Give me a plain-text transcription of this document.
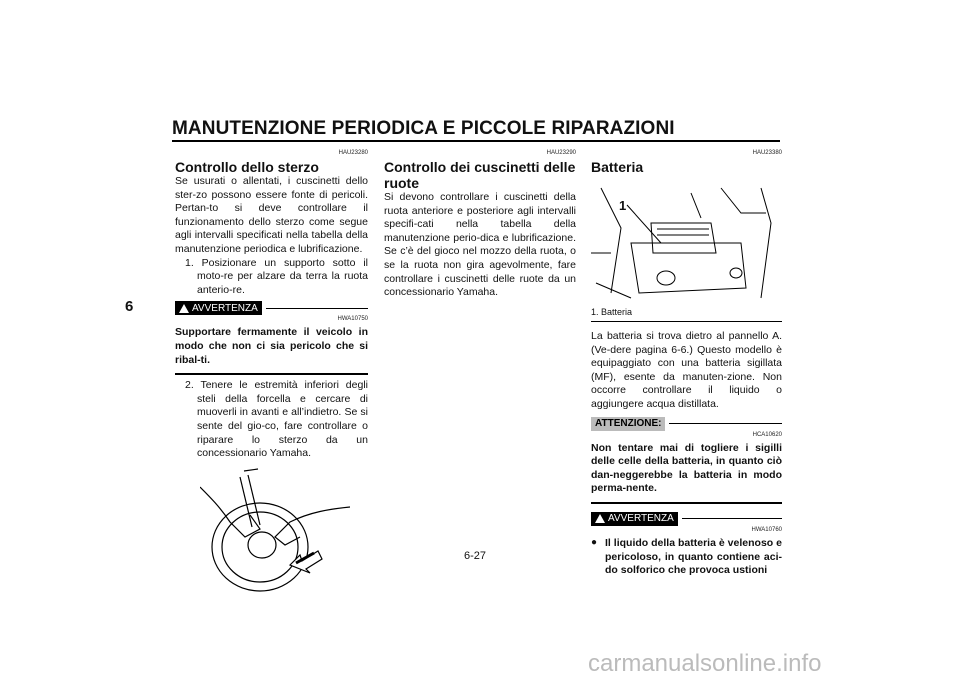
MANUTENZIONE PERIODICA E PICCOLE RIPARAZIONI
6
HAU23280
Controllo dello sterzo
Se usurati o allentati, i cuscinetti dello ster-zo possono essere fonte di pericoli. Pertan-to si deve controllare il funzionamento dello sterzo come segue agli intervalli specificati nella tabella della manutenzione periodica e lubrificazione.
1. Posizionare un supporto sotto il moto-re per alzare da terra la ruota anterio-re.
AVVERTENZA
HWA10750
Supportare fermamente il veicolo in modo che non ci sia pericolo che si ribal-ti.
2. Tenere le estremità inferiori degli steli della forcella e cercare di muoverli in avanti e all’indietro. Se si sente del gio-co, fare controllare o riparare lo sterzo da un concessionario Yamaha.
HAU23290
Controllo dei cuscinetti delle ruote
Si devono controllare i cuscinetti della ruota anteriore e posteriore agli intervalli specifi-cati nella tabella della manutenzione perio-dica e lubrificazione. Se c’è del gioco nel mozzo della ruota, o se la ruota non gira agevolmente, fare controllare i cuscinetti delle ruote da un concessionario Yamaha.
HAU23380
Batteria
1
1. Batteria
La batteria si trova dietro al pannello A. (Ve-dere pagina 6-6.) Questo modello è equipaggiato con una batteria sigillata (MF), esente da manuten-zione. Non occorre controllare il liquido o aggiungere acqua distillata.
ATTENZIONE:
HCA10620
Non tentare mai di togliere i sigilli delle celle della batteria, in quanto ciò dan-neggerebbe la batteria in modo perma-nente.
AVVERTENZA
HWA10760
● Il liquido della batteria è velenoso e pericoloso, in quanto contiene aci-do solforico che provoca ustioni
6-27
carmanualsonline.info
